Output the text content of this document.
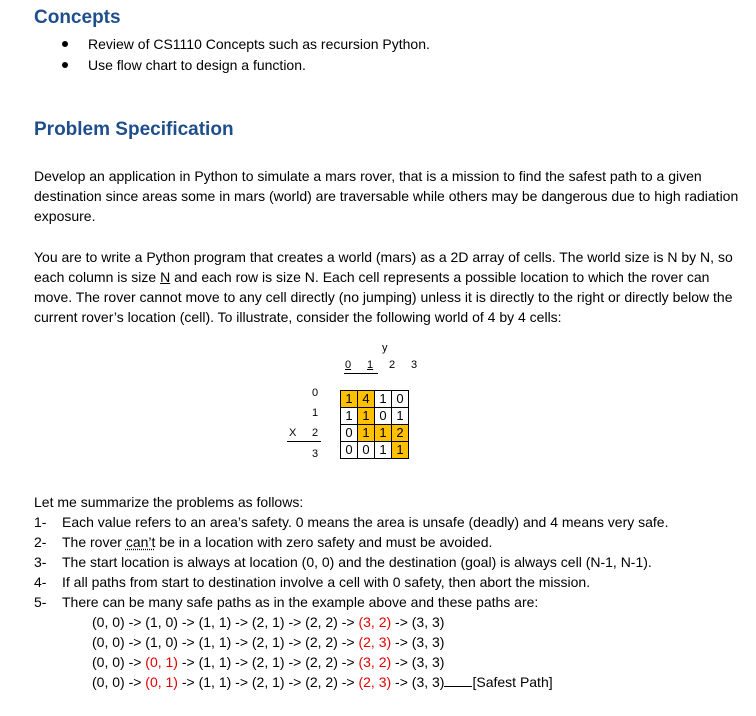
Concepts
Review of CS1110 Concepts such as recursion Python.
Use flow chart to design a function.
Problem Specification

Develop an application in Python to simulate a mars rover, that is a mission to find the safest path to a given destination since areas some in mars (world) are traversable while others may be dangerous due to high radiation exposure.

You are to write a Python program that creates a world (mars) as a 2D array of cells. The world size is N by N, so each column is size N and each row is size N. Each cell represents a possible location to which the rover can move. The rover cannot move to any cell directly (no jumping) unless it is directly to the right or directly below the current rover’s location (cell). To illustrate, consider the following world of 4 by 4 cells:

y
0 1 2 3
0
1
X 2
3
1	4	1	0
1	1	0	1
0	1	1	2
0	0	1	1

Let me summarize the problems as follows:

1- Each value refers to an area’s safety. 0 means the area is unsafe (deadly) and 4 means very safe.
2- The rover can’t be in a location with zero safety and must be avoided.
3- The start location is always at location (0, 0) and the destination (goal) is always cell (N-1, N-1).
4- If all paths from start to destination involve a cell with 0 safety, then abort the mission.
5- There can be many safe paths as in the example above and these paths are:
(0, 0) -> (1, 0) -> (1, 1) -> (2, 1) -> (2, 2) -> (3, 2) -> (3, 3)
(0, 0) -> (1, 0) -> (1, 1) -> (2, 1) -> (2, 2) -> (2, 3) -> (3, 3)
(0, 0) -> (0, 1) -> (1, 1) -> (2, 1) -> (2, 2) -> (3, 2) -> (3, 3)
(0, 0) -> (0, 1) -> (1, 1) -> (2, 1) -> (2, 2) -> (2, 3) -> (3, 3) [Safest Path]
